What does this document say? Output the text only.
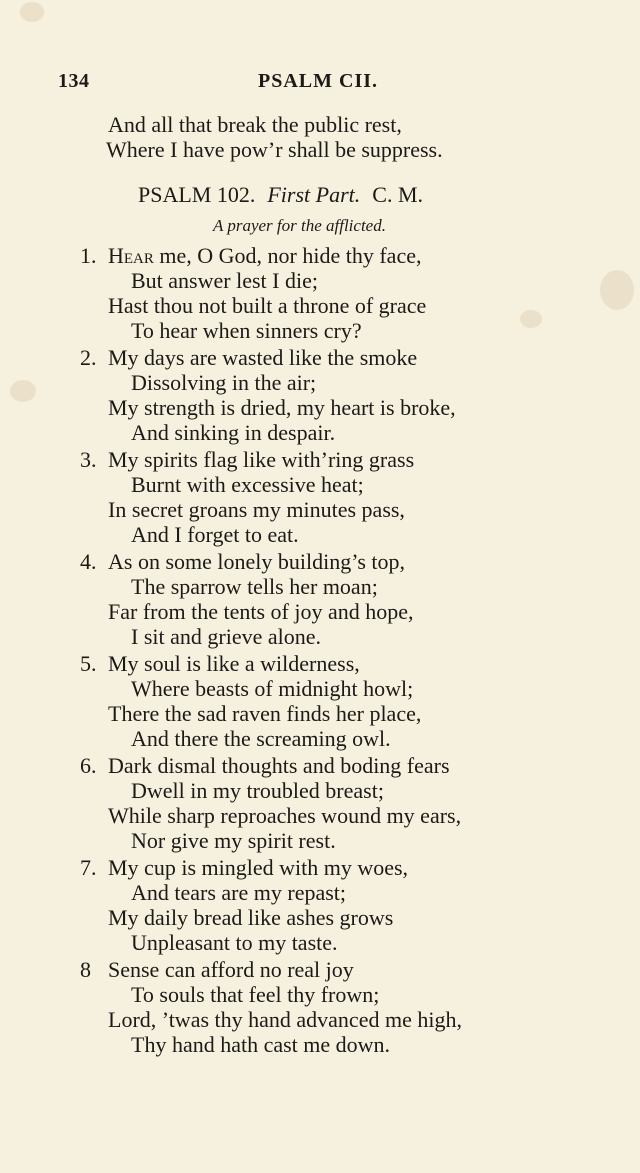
134	PSALM CII.
And all that break the public rest,
Where I have pow’r shall be suppress.
PSALM 102. First Part. C. M.
A prayer for the afflicted.
1. Hear me, O God, nor hide thy face,
But answer lest I die;
Hast thou not built a throne of grace
To hear when sinners cry?
2. My days are wasted like the smoke
Dissolving in the air;
My strength is dried, my heart is broke,
And sinking in despair.
3. My spirits flag like with’ring grass
Burnt with excessive heat;
In secret groans my minutes pass,
And I forget to eat.
4. As on some lonely building’s top,
The sparrow tells her moan;
Far from the tents of joy and hope,
I sit and grieve alone.
5. My soul is like a wilderness,
Where beasts of midnight howl;
There the sad raven finds her place,
And there the screaming owl.
6. Dark dismal thoughts and boding fears
Dwell in my troubled breast;
While sharp reproaches wound my ears,
Nor give my spirit rest.
7. My cup is mingled with my woes,
And tears are my repast;
My daily bread like ashes grows
Unpleasant to my taste.
8 Sense can afford no real joy
To souls that feel thy frown;
Lord, ’twas thy hand advanced me high,
Thy hand hath cast me down.
